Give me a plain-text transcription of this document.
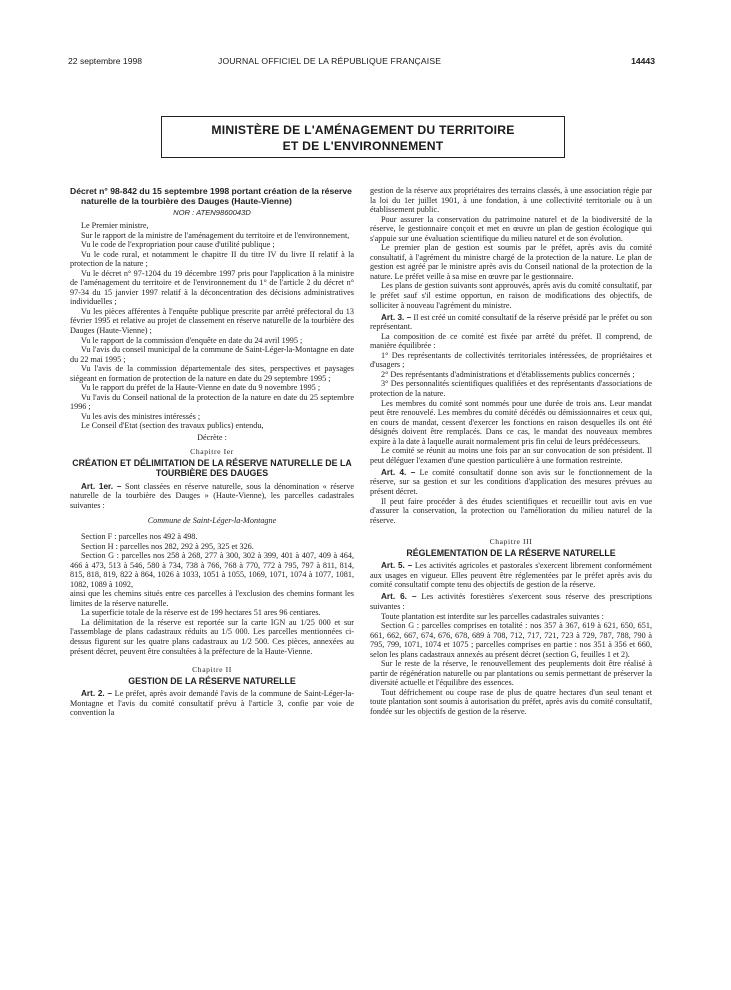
22 septembre 1998	JOURNAL OFFICIEL DE LA RÉPUBLIQUE FRANÇAISE	14443
MINISTÈRE DE L'AMÉNAGEMENT DU TERRITOIRE
ET DE L'ENVIRONNEMENT

Décret n° 98-842 du 15 septembre 1998 portant création de la réserve naturelle de la tourbière des Dauges (Haute-Vienne)

NOR : ATEN9860043D

Le Premier ministre,

Sur le rapport de la ministre de l'aménagement du territoire et de l'environnement,

Vu le code de l'expropriation pour cause d'utilité publique ;

Vu le code rural, et notamment le chapitre II du titre IV du livre II relatif à la protection de la nature ;

Vu le décret n° 97-1204 du 19 décembre 1997 pris pour l'application à la ministre de l'aménagement du territoire et de l'environnement du 1° de l'article 2 du décret n° 97-34 du 15 janvier 1997 relatif à la déconcentration des décisions administratives individuelles ;

Vu les pièces afférentes à l'enquête publique prescrite par arrêté préfectoral du 13 février 1995 et relative au projet de classement en réserve naturelle de la tourbière des Dauges (Haute-Vienne) ;

Vu le rapport de la commission d'enquête en date du 24 avril 1995 ;

Vu l'avis du conseil municipal de la commune de Saint-Léger-la-Montagne en date du 22 mai 1995 ;

Vu l'avis de la commission départementale des sites, perspectives et paysages siégeant en formation de protection de la nature en date du 29 septembre 1995 ;

Vu le rapport du préfet de la Haute-Vienne en date du 9 novembre 1995 ;

Vu l'avis du Conseil national de la protection de la nature en date du 25 septembre 1996 ;

Vu les avis des ministres intéressés ;

Le Conseil d'Etat (section des travaux publics) entendu,

Décrète :

Chapitre Ier

CRÉATION ET DÉLIMITATION DE LA RÉSERVE NATURELLE DE LA TOURBIÈRE DES DAUGES

Art. 1er. – Sont classées en réserve naturelle, sous la dénomination « réserve naturelle de la tourbière des Dauges » (Haute-Vienne), les parcelles cadastrales suivantes :

Commune de Saint-Léger-la-Montagne

Section F : parcelles nos 492 à 498.

Section H : parcelles nos 282, 292 à 295, 325 et 326.

Section G : parcelles nos 258 à 268, 277 à 300, 302 à 399, 401 à 407, 409 à 464, 466 à 473, 513 à 546, 580 à 734, 738 à 766, 768 à 770, 772 à 795, 797 à 811, 814, 815, 818, 819, 822 à 864, 1026 à 1033, 1051 à 1055, 1069, 1071, 1074 à 1077, 1081, 1082, 1089 à 1092,

ainsi que les chemins situés entre ces parcelles à l'exclusion des chemins formant les limites de la réserve naturelle.

La superficie totale de la réserve est de 199 hectares 51 ares 96 centiares.

La délimitation de la réserve est reportée sur la carte IGN au 1/25 000 et sur l'assemblage de plans cadastraux réduits au 1/5 000. Les parcelles mentionnées ci-dessus figurent sur les quatre plans cadastraux au 1/2 500. Ces pièces, annexées au présent décret, peuvent être consultées à la préfecture de la Haute-Vienne.

Chapitre II

GESTION DE LA RÉSERVE NATURELLE

Art. 2. – Le préfet, après avoir demandé l'avis de la commune de Saint-Léger-la-Montagne et l'avis du comité consultatif prévu à l'article 3, confie par voie de convention la

gestion de la réserve aux propriétaires des terrains classés, à une association régie par la loi du 1er juillet 1901, à une fondation, à une collectivité territoriale ou à un établissement public.

Pour assurer la conservation du patrimoine naturel et de la biodiversité de la réserve, le gestionnaire conçoit et met en œuvre un plan de gestion écologique qui s'appuie sur une évaluation scientifique du milieu naturel et de son évolution.

Le premier plan de gestion est soumis par le préfet, après avis du comité consultatif, à l'agrément du ministre chargé de la protection de la nature. Le plan de gestion est agréé par le ministre après avis du Conseil national de la protection de la nature. Le préfet veille à sa mise en œuvre par le gestionnaire.

Les plans de gestion suivants sont approuvés, après avis du comité consultatif, par le préfet sauf s'il estime opportun, en raison de modifications des objectifs, de solliciter à nouveau l'agrément du ministre.

Art. 3. – Il est créé un comité consultatif de la réserve présidé par le préfet ou son représentant.

La composition de ce comité est fixée par arrêté du préfet. Il comprend, de manière équilibrée :

1° Des représentants de collectivités territoriales intéressées, de propriétaires et d'usagers ;

2° Des représentants d'administrations et d'établissements publics concernés ;

3° Des personnalités scientifiques qualifiées et des représentants d'associations de protection de la nature.

Les membres du comité sont nommés pour une durée de trois ans. Leur mandat peut être renouvelé. Les membres du comité décédés ou démissionnaires et ceux qui, en cours de mandat, cessent d'exercer les fonctions en raison desquelles ils ont été désignés doivent être remplacés. Dans ce cas, le mandat des nouveaux membres expire à la date à laquelle aurait normalement pris fin celui de leurs prédécesseurs.

Le comité se réunit au moins une fois par an sur convocation de son président. Il peut déléguer l'examen d'une question particulière à une formation restreinte.

Art. 4. – Le comité consultatif donne son avis sur le fonctionnement de la réserve, sur sa gestion et sur les conditions d'application des mesures prévues au présent décret.

Il peut faire procéder à des études scientifiques et recueillir tout avis en vue d'assurer la conservation, la protection ou l'amélioration du milieu naturel de la réserve.

Chapitre III

RÉGLEMENTATION DE LA RÉSERVE NATURELLE

Art. 5. – Les activités agricoles et pastorales s'exercent librement conformément aux usages en vigueur. Elles peuvent être réglementées par le préfet après avis du comité consultatif compte tenu des objectifs de gestion de la réserve.

Art. 6. – Les activités forestières s'exercent sous réserve des prescriptions suivantes :

Toute plantation est interdite sur les parcelles cadastrales suivantes :

Section G : parcelles comprises en totalité : nos 357 à 367, 619 à 621, 650, 651, 661, 662, 667, 674, 676, 678, 689 à 708, 712, 717, 721, 723 à 729, 787, 788, 790 à 795, 799, 1071, 1074 et 1075 ; parcelles comprises en partie : nos 351 à 356 et 660, selon les plans cadastraux annexés au présent décret (section G, feuilles 1 et 2).

Sur le reste de la réserve, le renouvellement des peuplements doit être réalisé à partir de régénération naturelle ou par plantations ou semis permettant de préserver la diversité actuelle et l'équilibre des essences.

Tout défrichement ou coupe rase de plus de quatre hectares d'un seul tenant et toute plantation sont soumis à autorisation du préfet, après avis du comité consultatif, fondée sur les objectifs de gestion de la réserve.
